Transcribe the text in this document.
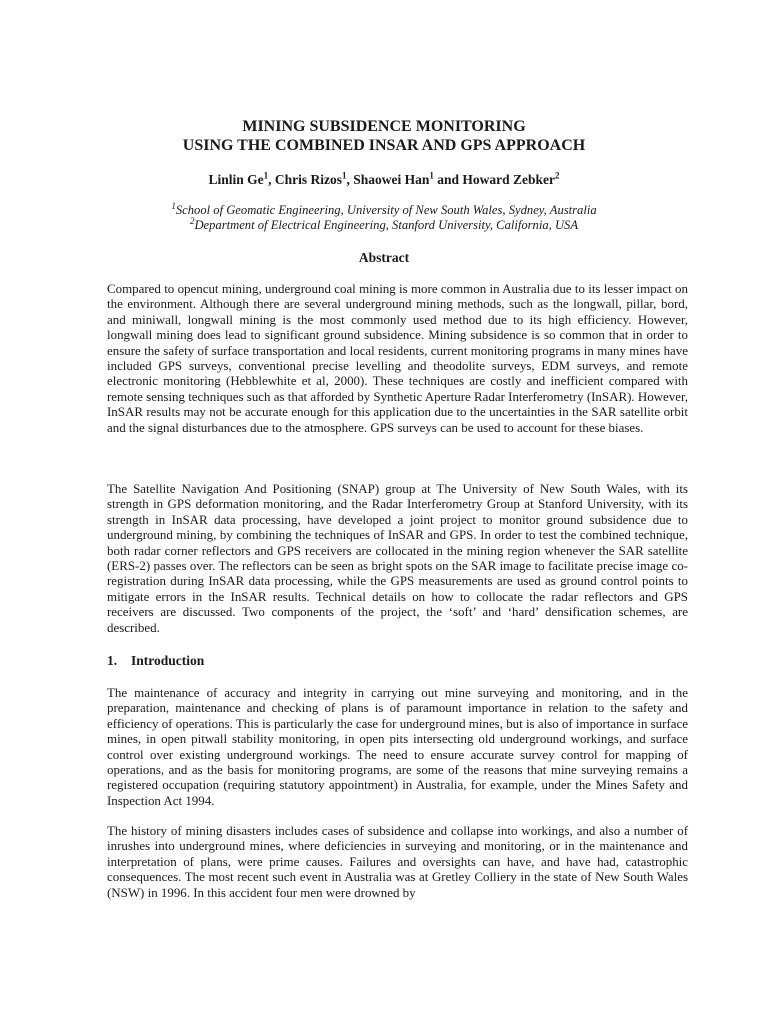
MINING SUBSIDENCE MONITORING
USING THE COMBINED INSAR AND GPS APPROACH
Linlin Ge$^1$, Chris Rizos$^1$, Shaowei Han$^1$ and Howard Zebker$^2$
$^1$School of Geomatic Engineering, University of New South Wales, Sydney, Australia
$^2$Department of Electrical Engineering, Stanford University, California, USA
Abstract

Compared to opencut mining, underground coal mining is more common in Australia due to its lesser impact on the environment. Although there are several underground mining methods, such as the longwall, pillar, bord, and miniwall, longwall mining is the most commonly used method due to its high efficiency. However, longwall mining does lead to significant ground subsidence. Mining subsidence is so common that in order to ensure the safety of surface transportation and local residents, current monitoring programs in many mines have included GPS surveys, conventional precise levelling and theodolite surveys, EDM surveys, and remote electronic monitoring (Hebblewhite et al, 2000). These techniques are costly and inefficient compared with remote sensing techniques such as that afforded by Synthetic Aperture Radar Interferometry (InSAR). However, InSAR results may not be accurate enough for this application due to the uncertainties in the SAR satellite orbit and the signal disturbances due to the atmosphere. GPS surveys can be used to account for these biases.

The Satellite Navigation And Positioning (SNAP) group at The University of New South Wales, with its strength in GPS deformation monitoring, and the Radar Interferometry Group at Stanford University, with its strength in InSAR data processing, have developed a joint project to monitor ground subsidence due to underground mining, by combining the techniques of InSAR and GPS. In order to test the combined technique, both radar corner reflectors and GPS receivers are collocated in the mining region whenever the SAR satellite (ERS-2) passes over. The reflectors can be seen as bright spots on the SAR image to facilitate precise image co-registration during InSAR data processing, while the GPS measurements are used as ground control points to mitigate errors in the InSAR results. Technical details on how to collocate the radar reflectors and GPS receivers are discussed. Two components of the project, the ‘soft’ and ‘hard’ densification schemes, are described.

1. Introduction

The maintenance of accuracy and integrity in carrying out mine surveying and monitoring, and in the preparation, maintenance and checking of plans is of paramount importance in relation to the safety and efficiency of operations. This is particularly the case for underground mines, but is also of importance in surface mines, in open pitwall stability monitoring, in open pits intersecting old underground workings, and surface control over existing underground workings. The need to ensure accurate survey control for mapping of operations, and as the basis for monitoring programs, are some of the reasons that mine surveying remains a registered occupation (requiring statutory appointment) in Australia, for example, under the Mines Safety and Inspection Act 1994.

The history of mining disasters includes cases of subsidence and collapse into workings, and also a number of inrushes into underground mines, where deficiencies in surveying and monitoring, or in the maintenance and interpretation of plans, were prime causes. Failures and oversights can have, and have had, catastrophic consequences. The most recent such event in Australia was at Gretley Colliery in the state of New South Wales (NSW) in 1996. In this accident four men were drowned by
